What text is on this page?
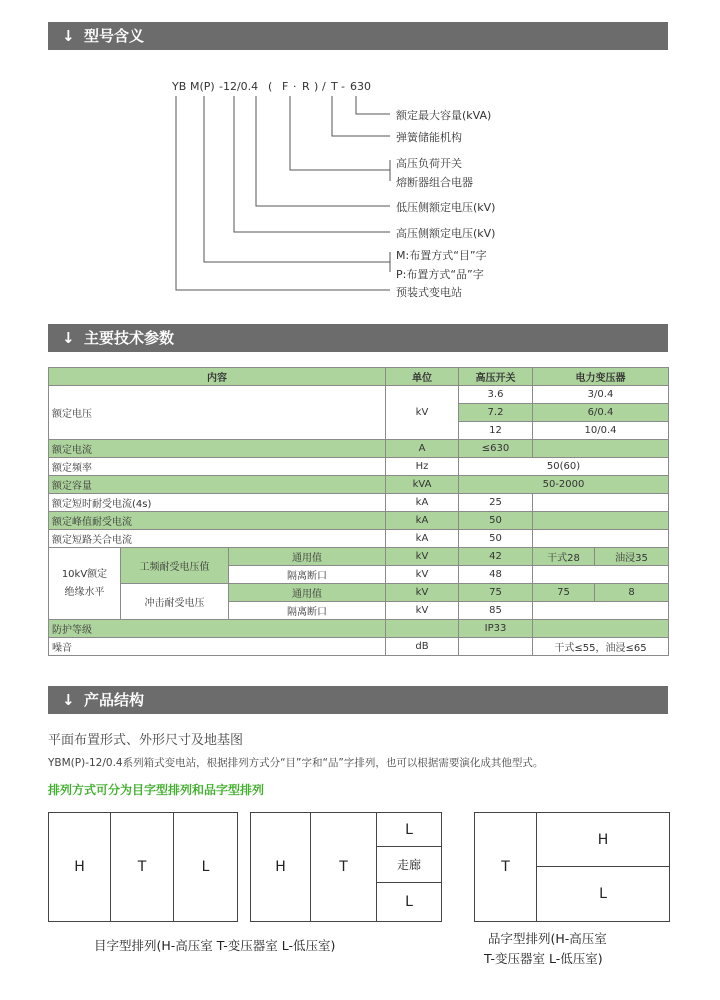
↓ 型号含义
YB M(P) -12/0.4 ( F · R ) / T - 630
额定最大容量(kVA)
弹簧储能机构
高压负荷开关
熔断器组合电器
低压侧额定电压(kV)
高压侧额定电压(kV)
M:布置方式“目”字
P:布置方式“品”字
预装式变电站
↓ 主要技术参数
内容			单位	高压开关	电力变压器
额定电压			kV	3.6	3/0.4	
				7.2	6/0.4	
				12	10/0.4	
额定电流			A	≤630		
额定频率			Hz	50(60)		
额定容量			kVA	50-2000		
额定短时耐受电流(4s)			kA	25		
额定峰值耐受电流			kA	50		
额定短路关合电流			kA	50		

10kV额定
绝缘水平	工频耐受电压值	通用值	kV	42	干式28	油浸35
		隔离断口	kV	48		
	冲击耐受电压	通用值	kV	75	75	8
		隔离断口	kV	85		
防护等级				IP33		
噪音			dB		干式≤55，油浸≤65	
↓ 产品结构
平面布置形式、外形尺寸及地基图
YBM(P)-12/0.4系列箱式变电站，根据排列方式分“目”字和“品”字排列，也可以根据需要演化成其他型式。
排列方式可分为目字型排列和品字型排列
H	T	L	H	T
L
走廊
L
T
H
L
目字型排列(H-高压室 T-变压器室 L-低压室)	品字型排列(H-高压室
T-变压器室 L-低压室)
